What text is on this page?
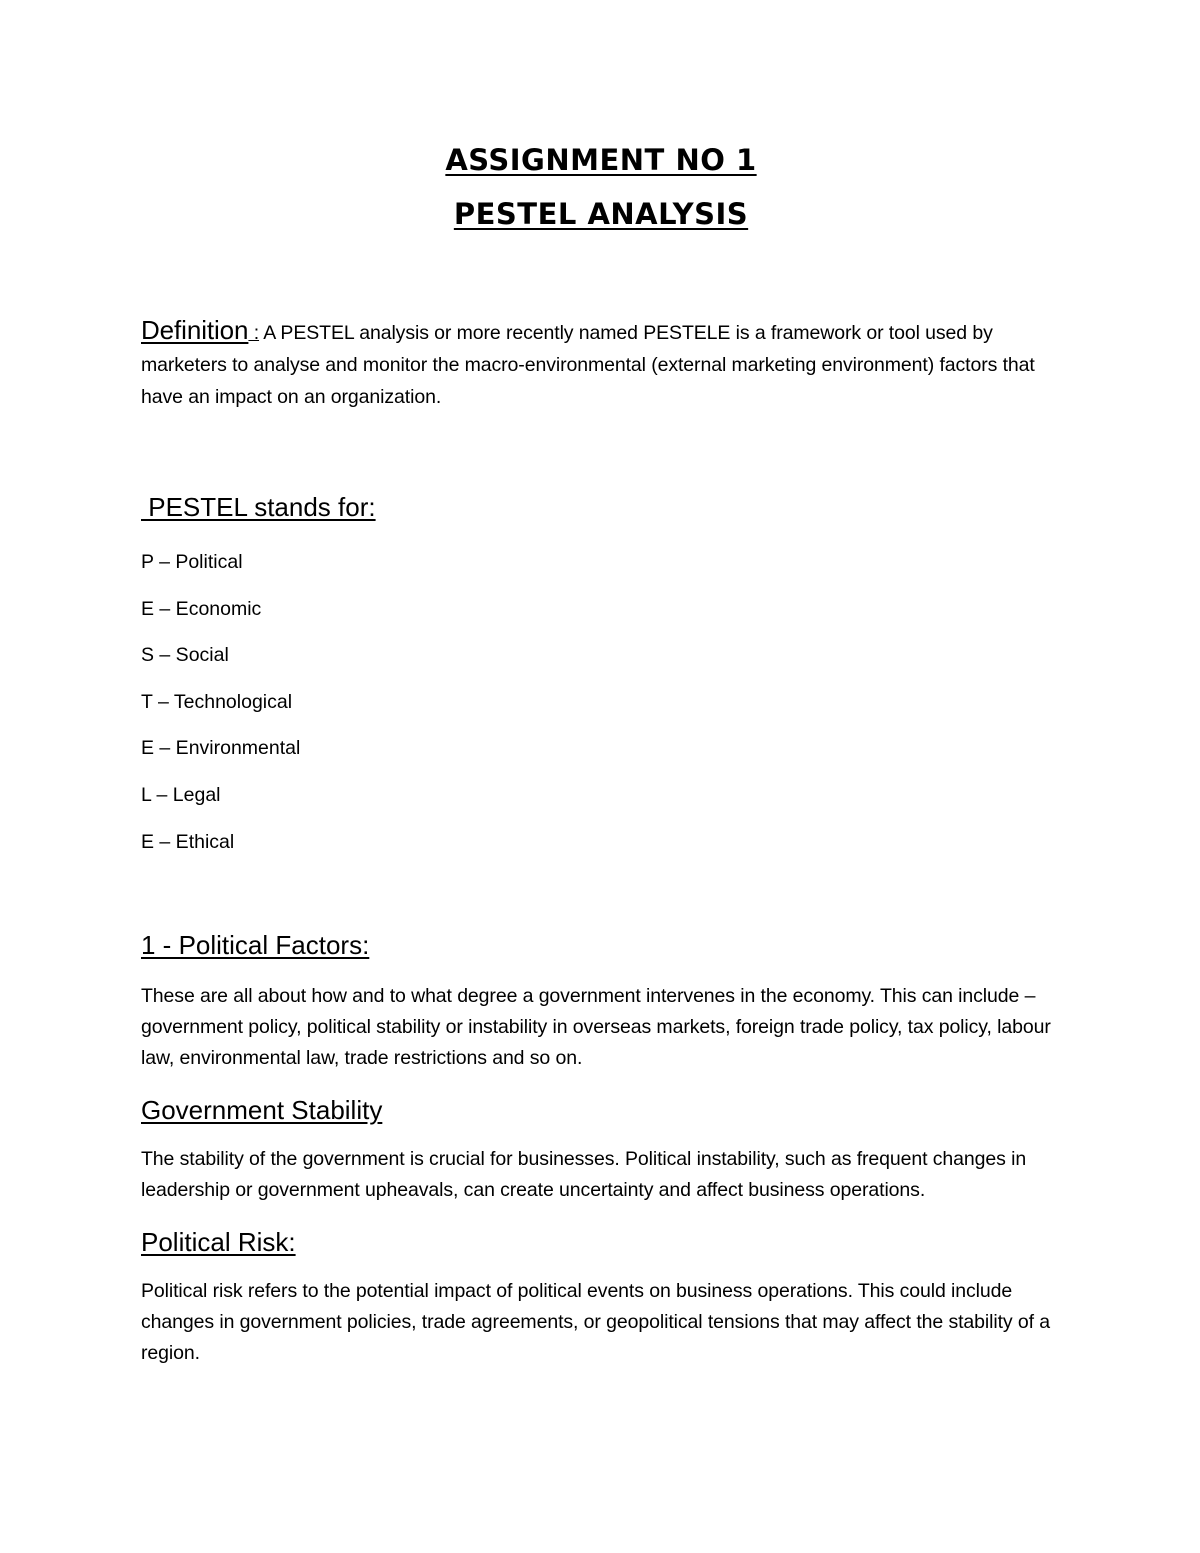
ASSIGNMENT NO 1
PESTEL ANALYSIS

Definition : A PESTEL analysis or more recently named PESTELE is a framework or tool used by marketers to analyse and monitor the macro-environmental (external marketing environment) factors that have an impact on an organization.

PESTEL stands for:
P – Political
E – Economic
S – Social
T – Technological
E – Environmental
L – Legal
E – Ethical
1 - Political Factors:

These are all about how and to what degree a government intervenes in the economy. This can include – government policy, political stability or instability in overseas markets, foreign trade policy, tax policy, labour law, environmental law, trade restrictions and so on.

Government Stability

The stability of the government is crucial for businesses. Political instability, such as frequent changes in leadership or government upheavals, can create uncertainty and affect business operations.

Political Risk:

Political risk refers to the potential impact of political events on business operations. This could include changes in government policies, trade agreements, or geopolitical tensions that may affect the stability of a region.
